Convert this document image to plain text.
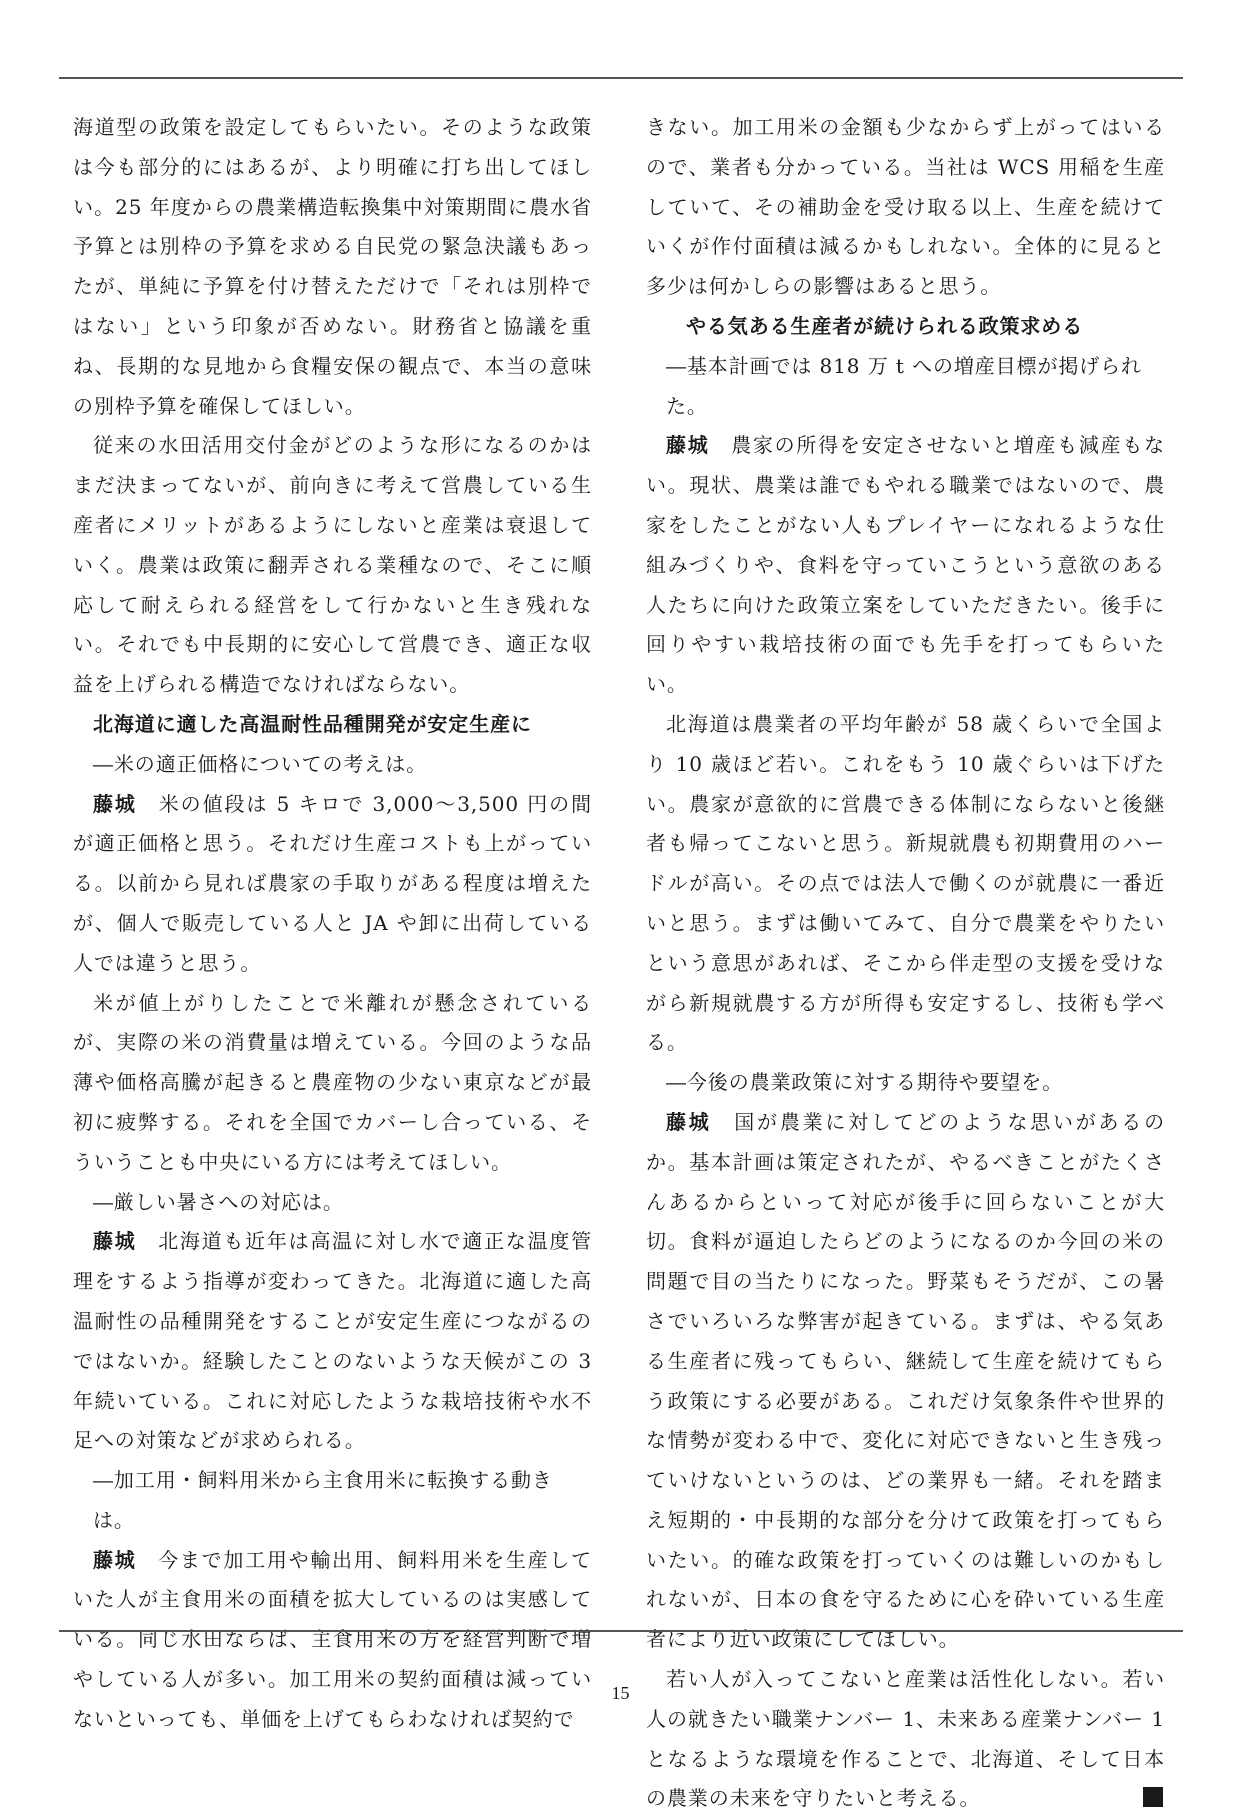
海道型の政策を設定してもらいたい。そのような政策は今も部分的にはあるが、より明確に打ち出してほしい。25 年度からの農業構造転換集中対策期間に農水省予算とは別枠の予算を求める自民党の緊急決議もあったが、単純に予算を付け替えただけで「それは別枠ではない」という印象が否めない。財務省と協議を重ね、長期的な見地から食糧安保の観点で、本当の意味の別枠予算を確保してほしい。

従来の水田活用交付金がどのような形になるのかはまだ決まってないが、前向きに考えて営農している生産者にメリットがあるようにしないと産業は衰退していく。農業は政策に翻弄される業種なので、そこに順応して耐えられる経営をして行かないと生き残れない。それでも中長期的に安心して営農でき、適正な収益を上げられる構造でなければならない。

北海道に適した高温耐性品種開発が安定生産に

―米の適正価格についての考えは。

藤城　 米の値段は 5 キロで 3,000〜3,500 円の間が適正価格と思う。それだけ生産コストも上がっている。以前から見れば農家の手取りがある程度は増えたが、個人で販売している人と JA や卸に出荷している人では違うと思う。

米が値上がりしたことで米離れが懸念されているが、実際の米の消費量は増えている。今回のような品薄や価格高騰が起きると農産物の少ない東京などが最初に疲弊する。それを全国でカバーし合っている、そういうことも中央にいる方には考えてほしい。

―厳しい暑さへの対応は。

藤城　 北海道も近年は高温に対し水で適正な温度管理をするよう指導が変わってきた。北海道に適した高温耐性の品種開発をすることが安定生産につながるのではないか。経験したことのないような天候がこの 3 年続いている。これに対応したような栽培技術や水不足への対策などが求められる。

―加工用・飼料用米から主食用米に転換する動きは。

藤城　 今まで加工用や輸出用、飼料用米を生産していた人が主食用米の面積を拡大しているのは実感している。同じ水田ならば、主食用米の方を経営判断で増やしている人が多い。加工用米の契約面積は減っていないといっても、単価を上げてもらわなければ契約で

きない。加工用米の金額も少なからず上がってはいるので、業者も分かっている。当社は WCS 用稲を生産していて、その補助金を受け取る以上、生産を続けていくが作付面積は減るかもしれない。全体的に見ると多少は何かしらの影響はあると思う。

やる気ある生産者が続けられる政策求める

―基本計画では 818 万 t への増産目標が掲げられた。

藤城　 農家の所得を安定させないと増産も減産もない。現状、農業は誰でもやれる職業ではないので、農家をしたことがない人もプレイヤーになれるような仕組みづくりや、食料を守っていこうという意欲のある人たちに向けた政策立案をしていただきたい。後手に回りやすい栽培技術の面でも先手を打ってもらいたい。

北海道は農業者の平均年齢が 58 歳くらいで全国より 10 歳ほど若い。これをもう 10 歳ぐらいは下げたい。農家が意欲的に営農できる体制にならないと後継者も帰ってこないと思う。新規就農も初期費用のハードルが高い。その点では法人で働くのが就農に一番近いと思う。まずは働いてみて、自分で農業をやりたいという意思があれば、そこから伴走型の支援を受けながら新規就農する方が所得も安定するし、技術も学べる。

―今後の農業政策に対する期待や要望を。

藤城　 国が農業に対してどのような思いがあるのか。基本計画は策定されたが、やるべきことがたくさんあるからといって対応が後手に回らないことが大切。食料が逼迫したらどのようになるのか今回の米の問題で目の当たりになった。野菜もそうだが、この暑さでいろいろな弊害が起きている。まずは、やる気ある生産者に残ってもらい、継続して生産を続けてもらう政策にする必要がある。これだけ気象条件や世界的な情勢が変わる中で、変化に対応できないと生き残っていけないというのは、どの業界も一緒。それを踏まえ短期的・中長期的な部分を分けて政策を打ってもらいたい。的確な政策を打っていくのは難しいのかもしれないが、日本の食を守るために心を砕いている生産者により近い政策にしてほしい。

若い人が入ってこないと産業は活性化しない。若い人の就きたい職業ナンバー 1、未来ある産業ナンバー 1 となるような環境を作ることで、北海道、そして日本の農業の未来を守りたいと考える。	通

15
